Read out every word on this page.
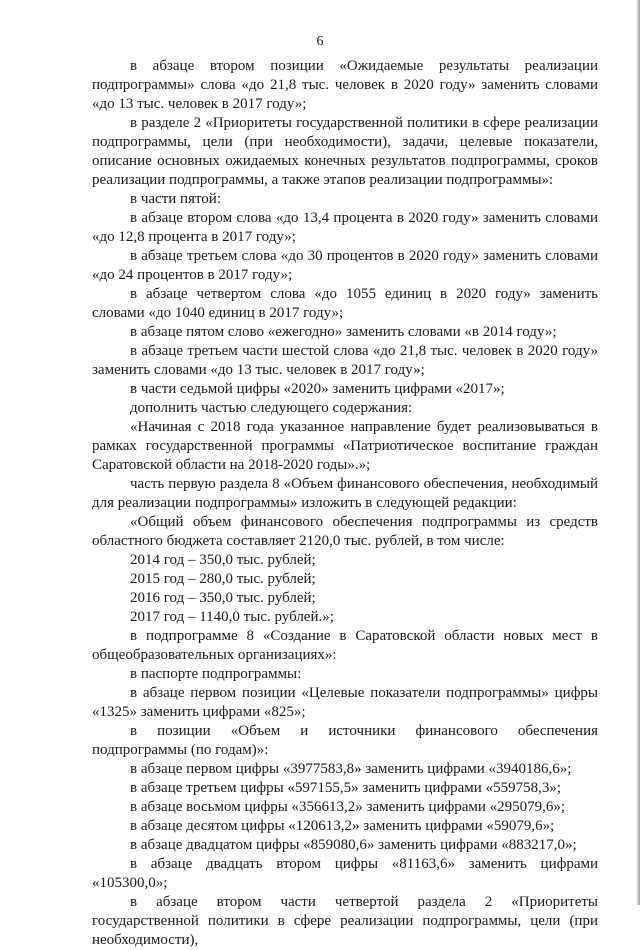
6

в абзаце втором позиции «Ожидаемые результаты реализации подпрограммы» слова «до 21,8 тыс. человек в 2020 году» заменить словами «до 13 тыс. человек в 2017 году»;

в разделе 2 «Приоритеты государственной политики в сфере реализации подпрограммы, цели (при необходимости), задачи, целевые показатели, описание основных ожидаемых конечных результатов подпрограммы, сроков реализации подпрограммы, а также этапов реализации подпрограммы»:

в части пятой:

в абзаце втором слова «до 13,4 процента в 2020 году» заменить словами «до 12,8 процента в 2017 году»;

в абзаце третьем слова «до 30 процентов в 2020 году» заменить словами «до 24 процентов в 2017 году»;

в абзаце четвертом слова «до 1055 единиц в 2020 году» заменить словами «до 1040 единиц в 2017 году»;

в абзаце пятом слово «ежегодно» заменить словами «в 2014 году»;

в абзаце третьем части шестой слова «до 21,8 тыс. человек в 2020 году» заменить словами «до 13 тыс. человек в 2017 году»;

в части седьмой цифры «2020» заменить цифрами «2017»;

дополнить частью следующего содержания:

«Начиная с 2018 года указанное направление будет реализовываться в рамках государственной программы «Патриотическое воспитание граждан Саратовской области на 2018-2020 годы».»;

часть первую раздела 8 «Объем финансового обеспечения, необходимый для реализации подпрограммы» изложить в следующей редакции:

«Общий объем финансового обеспечения подпрограммы из средств областного бюджета составляет 2120,0 тыс. рублей, в том числе:

2014 год – 350,0 тыс. рублей;

2015 год – 280,0 тыс. рублей;

2016 год – 350,0 тыс. рублей;

2017 год – 1140,0 тыс. рублей.»;

в подпрограмме 8 «Создание в Саратовской области новых мест в общеобразовательных организациях»:

в паспорте подпрограммы:

в абзаце первом позиции «Целевые показатели подпрограммы» цифры «1325» заменить цифрами «825»;

в позиции «Объем и источники финансового обеспечения подпрограммы (по годам)»:

в абзаце первом цифры «3977583,8» заменить цифрами «3940186,6»;

в абзаце третьем цифры «597155,5» заменить цифрами «559758,3»;

в абзаце восьмом цифры «356613,2» заменить цифрами «295079,6»;

в абзаце десятом цифры «120613,2» заменить цифрами «59079,6»;

в абзаце двадцатом цифры «859080,6» заменить цифрами «883217,0»;

в абзаце двадцать втором цифры «81163,6» заменить цифрами «105300,0»;

в абзаце втором части четвертой раздела 2 «Приоритеты государственной политики в сфере реализации подпрограммы, цели (при необходимости),
